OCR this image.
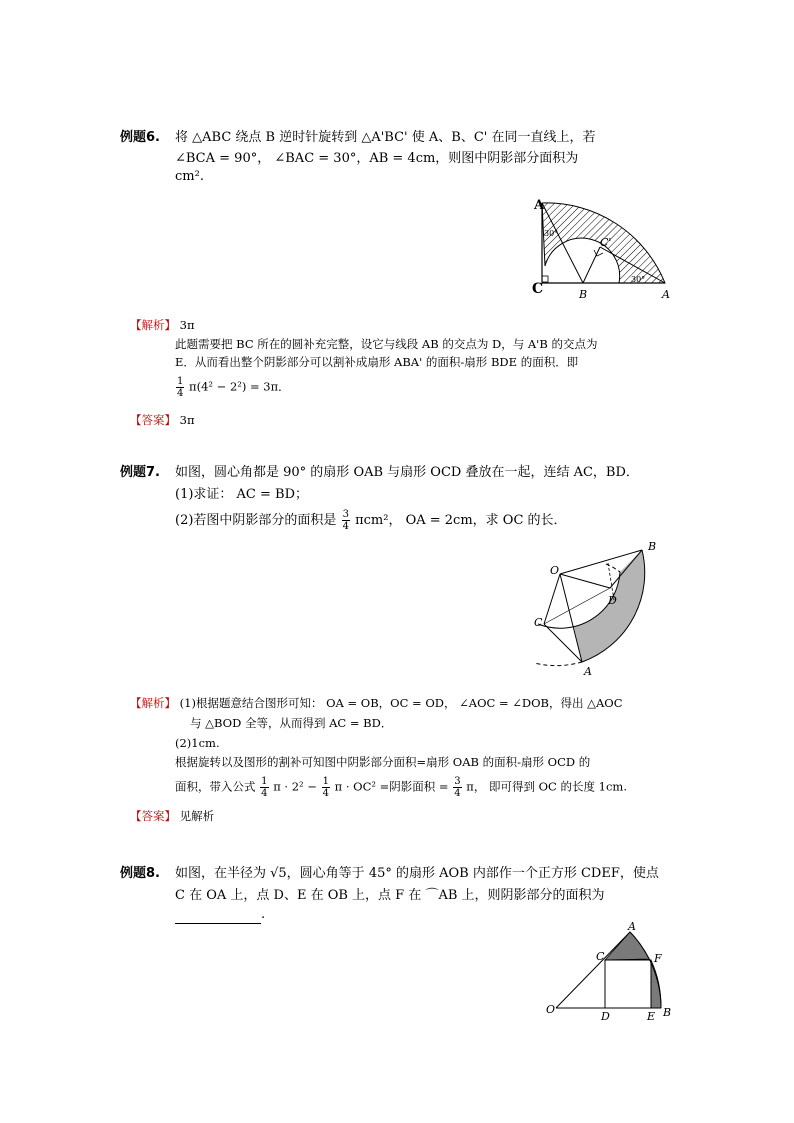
例题6. 将 △ABC 绕点 B 逆时针旋转到 △A'BC' 使 A、B、C' 在同一直线上，若
∠BCA = 90°， ∠BAC = 30°，AB = 4cm，则图中阴影部分面积为
cm².
A
C'
C	B	A
30°
30°
【解析】 3π
此题需要把 BC 所在的圆补充完整，设它与线段 AB 的交点为 D，与 A'B 的交点为
E．从而看出整个阴影部分可以割补成扇形 ABA' 的面积-扇形 BDE 的面积．即
$\frac{1}{4} \pi(4^2 - 2^2) = 3\pi$．
【答案】 3π
例题7. 如图，圆心角都是 90° 的扇形 OAB 与扇形 OCD 叠放在一起，连结 AC，BD．
(1)求证： AC = BD；
(2)若图中阴影部分的面积是 $\frac{3}{4} \pi cm^2$， OA = 2cm，求 OC 的长．
O
B
D
C
A
【解析】 (1)根据题意结合图形可知： OA = OB，OC = OD， ∠AOC = ∠DOB，得出 △AOC
与 △BOD 全等，从而得到 AC = BD．
(2)1cm.
根据旋转以及图形的割补可知图中阴影部分面积=扇形 OAB 的面积-扇形 OCD 的
面积，带入公式 $\frac{1}{4}$ $\pi \cdot 2^2 - \frac{1}{4}$ π · OC² =阴影面积 = $\frac{3}{4}$ π， 即可得到 OC 的长度 1cm.
【答案】 见解析
例题8. 如图，在半径为 √5，圆心角等于 45° 的扇形 AOB 内部作一个正方形 CDEF，使点
C 在 OA 上，点 D、E 在 OB 上，点 F 在 ⌒AB 上，则阴影部分的面积为
.
A
C	F
O
D	E B
